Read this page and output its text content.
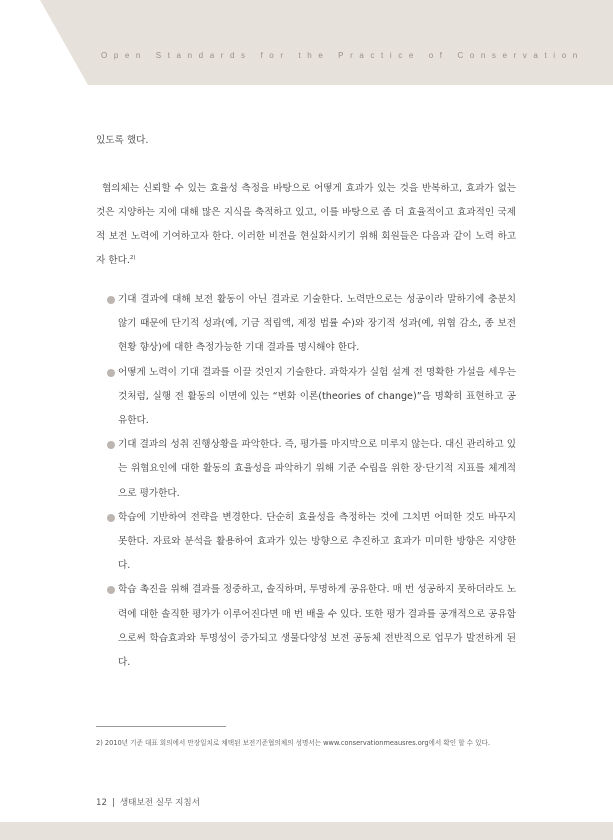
Open Standards for the Practice of Conservation
있도록 했다.
협의체는 신뢰할 수 있는 효율성 측정을 바탕으로 어떻게 효과가 있는 것을 반복하고, 효과가 없는 것은 지양하는 지에 대해 많은 지식을 축적하고 있고, 이를 바탕으로 좀 더 효율적이고 효과적인 국제적 보전 노력에 기여하고자 한다. 이러한 비전을 현실화시키기 위해 회원들은 다음과 같이 노력 하고자 한다.$^{2)}$
기대 결과에 대해 보전 활동이 아닌 결과로 기술한다. 노력만으로는 성공이라 말하기에 충분치 않기 때문에 단기적 성과(예, 기금 적립액, 제정 법률 수)와 장기적 성과(예, 위협 감소, 종 보전 현황 향상)에 대한 측정가능한 기대 결과를 명시해야 한다.
어떻게 노력이 기대 결과를 이끌 것인지 기술한다. 과학자가 실험 설계 전 명확한 가설을 세우는 것처럼, 실행 전 활동의 이면에 있는 “변화 이론(theories of change)”을 명확히 표현하고 공유한다.
기대 결과의 성취 진행상황을 파악한다. 즉, 평가를 마지막으로 미루지 않는다. 대신 관리하고 있는 위협요인에 대한 활동의 효율성을 파악하기 위해 기준 수립을 위한 장·단기적 지표를 체계적으로 평가한다.
학습에 기반하여 전략을 변경한다. 단순히 효율성을 측정하는 것에 그치면 어떠한 것도 바꾸지 못한다. 자료와 분석을 활용하여 효과가 있는 방향으로 추진하고 효과가 미미한 방향은 지양한다.
학습 촉진을 위해 결과를 정중하고, 솔직하며, 투명하게 공유한다. 매 번 성공하지 못하더라도 노력에 대한 솔직한 평가가 이루어진다면 매 번 배울 수 있다. 또한 평가 결과를 공개적으로 공유함으로써 학습효과와 투명성이 증가되고 생물다양성 보전 공동체 전반적으로 업무가 발전하게 된다.
2) 2010년 기준 대표 회의에서 만장일치로 채택된 보전기준협의체의 성명서는 www.conservationmeausres.org에서 확인 할 수 있다.
12 | 생태보전 실무 지침서
